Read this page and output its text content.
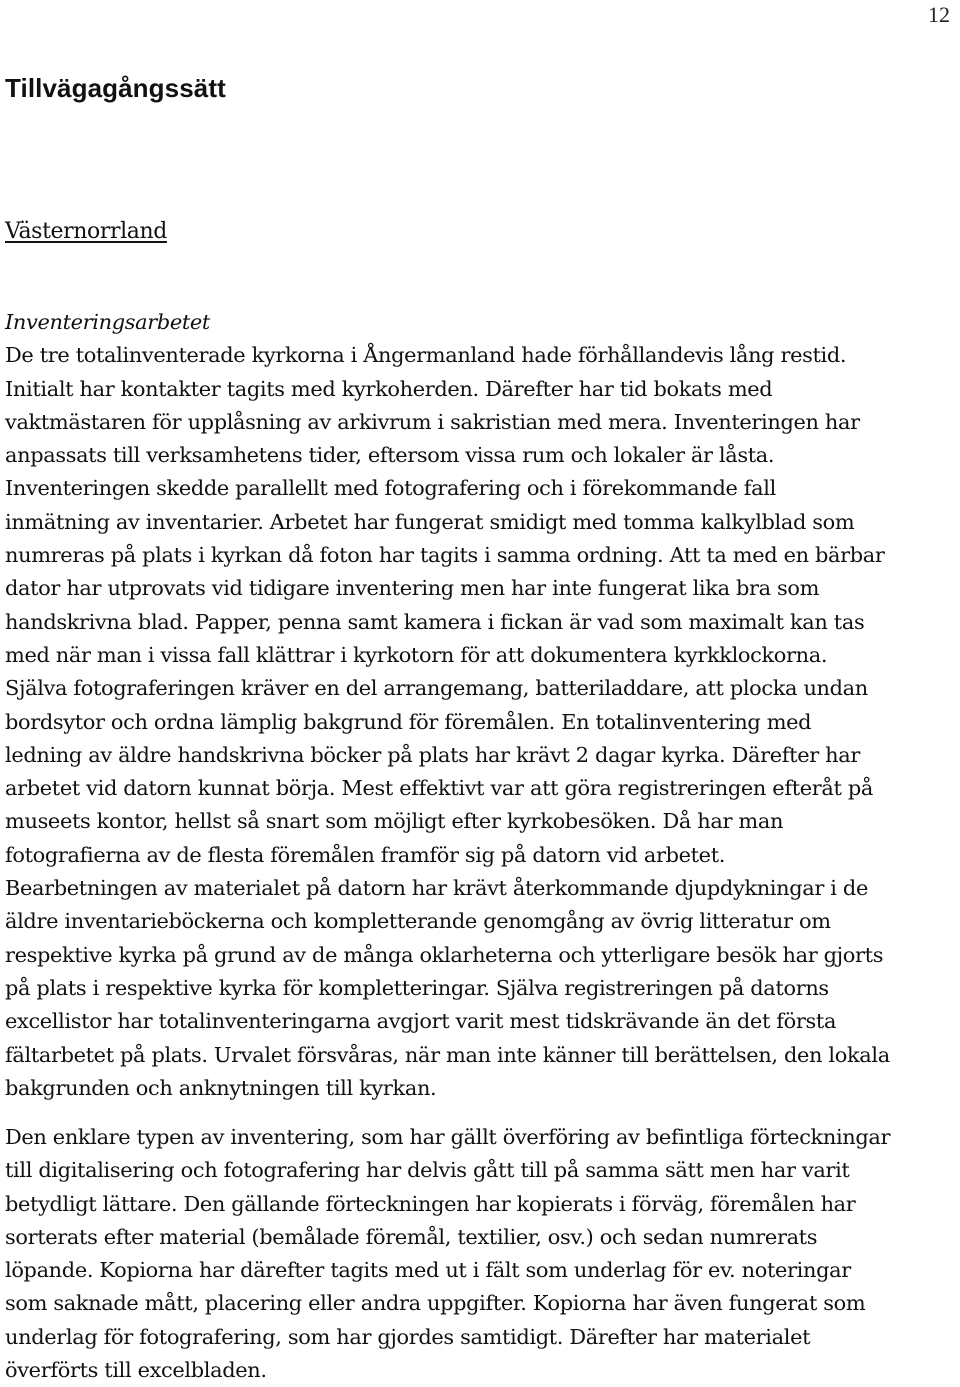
12
Tillvägagångssätt
Västernorrland
Inventeringsarbetet
De tre totalinventerade kyrkorna i Ångermanland hade förhållandevis lång restid.
Initialt har kontakter tagits med kyrkoherden. Därefter har tid bokats med
vaktmästaren för upplåsning av arkivrum i sakristian med mera. Inventeringen har
anpassats till verksamhetens tider, eftersom vissa rum och lokaler är låsta.
Inventeringen skedde parallellt med fotografering och i förekommande fall
inmätning av inventarier. Arbetet har fungerat smidigt med tomma kalkylblad som
numreras på plats i kyrkan då foton har tagits i samma ordning. Att ta med en bärbar
dator har utprovats vid tidigare inventering men har inte fungerat lika bra som
handskrivna blad. Papper, penna samt kamera i fickan är vad som maximalt kan tas
med när man i vissa fall klättrar i kyrkotorn för att dokumentera kyrkklockorna.
Själva fotograferingen kräver en del arrangemang, batteriladdare, att plocka undan
bordsytor och ordna lämplig bakgrund för föremålen. En totalinventering med
ledning av äldre handskrivna böcker på plats har krävt 2 dagar kyrka. Därefter har
arbetet vid datorn kunnat börja. Mest effektivt var att göra registreringen efteråt på
museets kontor, hellst så snart som möjligt efter kyrkobesöken. Då har man
fotografierna av de flesta föremålen framför sig på datorn vid arbetet.
Bearbetningen av materialet på datorn har krävt återkommande djupdykningar i de
äldre inventarieböckerna och kompletterande genomgång av övrig litteratur om
respektive kyrka på grund av de många oklarheterna och ytterligare besök har gjorts
på plats i respektive kyrka för kompletteringar. Själva registreringen på datorns
excellistor har totalinventeringarna avgjort varit mest tidskrävande än det första
fältarbetet på plats. Urvalet försvåras, när man inte känner till berättelsen, den lokala
bakgrunden och anknytningen till kyrkan.
Den enklare typen av inventering, som har gällt överföring av befintliga förteckningar
till digitalisering och fotografering har delvis gått till på samma sätt men har varit
betydligt lättare. Den gällande förteckningen har kopierats i förväg, föremålen har
sorterats efter material (bemålade föremål, textilier, osv.) och sedan numrerats
löpande. Kopiorna har därefter tagits med ut i fält som underlag för ev. noteringar
som saknade mått, placering eller andra uppgifter. Kopiorna har även fungerat som
underlag för fotografering, som har gjordes samtidigt. Därefter har materialet
överförts till excelbladen.
